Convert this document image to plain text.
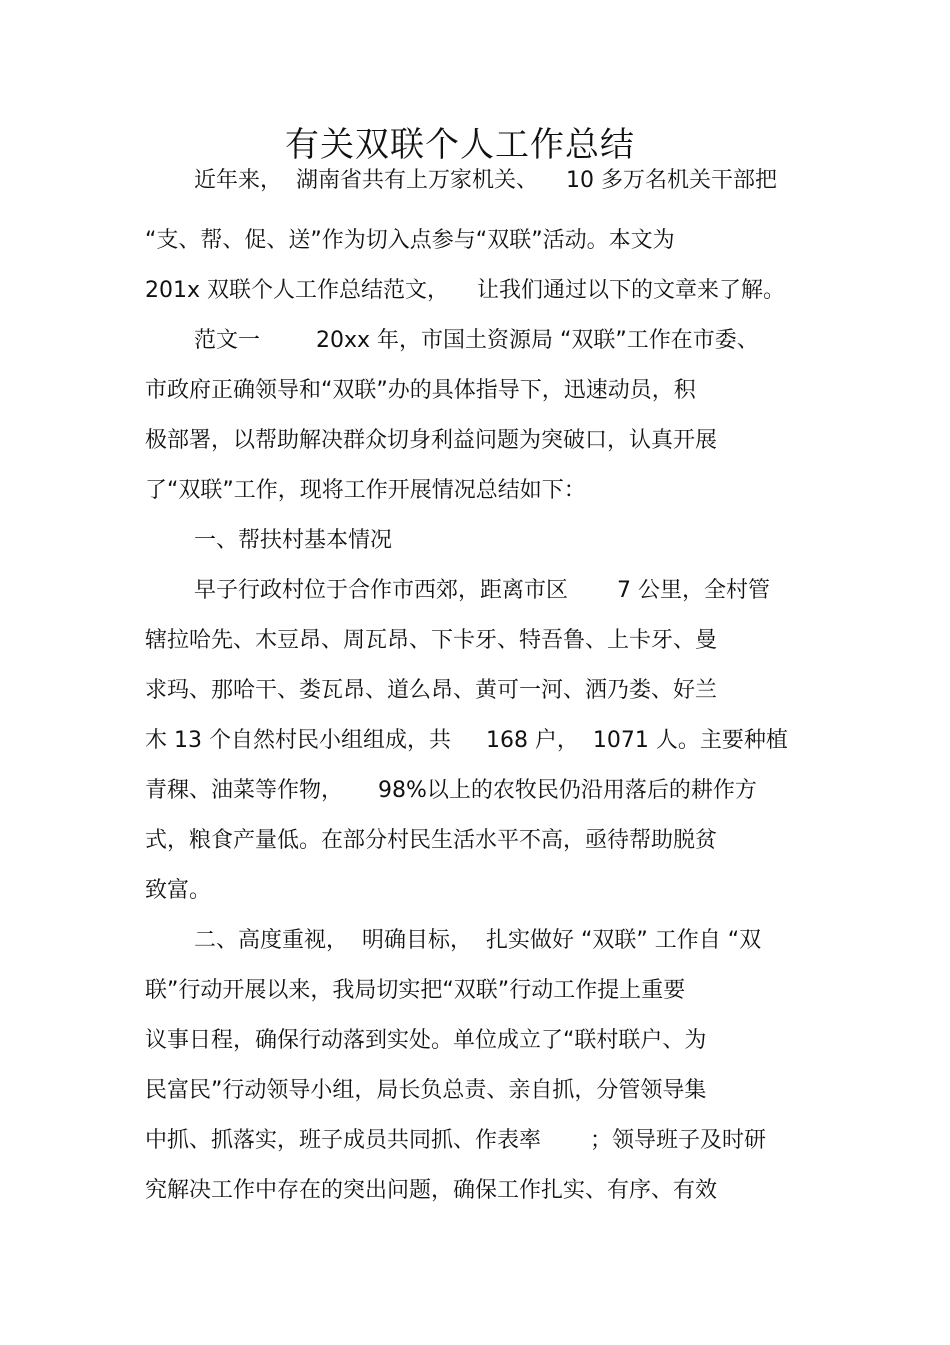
有关双联个人工作总结
近年来，  湖南省共有上万家机关、    10 多万名机关干部把
“支、帮、促、送”作为切入点参与“双联”活动。本文为
201x 双联个人工作总结范文，    让我们通过以下的文章来了解。
范文一        20xx 年，市国土资源局 “双联”工作在市委、
市政府正确领导和“双联”办的具体指导下，迅速动员，积
极部署，以帮助解决群众切身利益问题为突破口，认真开展
了“双联”工作，现将工作开展情况总结如下：
一、帮扶村基本情况
早子行政村位于合作市西郊，距离市区       7 公里，全村管
辖拉哈先、木豆昂、周瓦昂、下卡牙、特吾鲁、上卡牙、曼
求玛、那哈干、娄瓦昂、道么昂、黄可一河、洒乃娄、好兰
木 13 个自然村民小组组成，共     168 户，  1071 人。主要种植
青稞、油菜等作物，     98%以上的农牧民仍沿用落后的耕作方
式，粮食产量低。在部分村民生活水平不高，亟待帮助脱贫
致富。
二、高度重视，  明确目标，  扎实做好 “双联” 工作自 “双
联”行动开展以来，我局切实把“双联”行动工作提上重要
议事日程，确保行动落到实处。单位成立了“联村联户、为
民富民”行动领导小组，局长负总责、亲自抓，分管领导集
中抓、抓落实，班子成员共同抓、作表率       ；领导班子及时研
究解决工作中存在的突出问题，确保工作扎实、有序、有效
